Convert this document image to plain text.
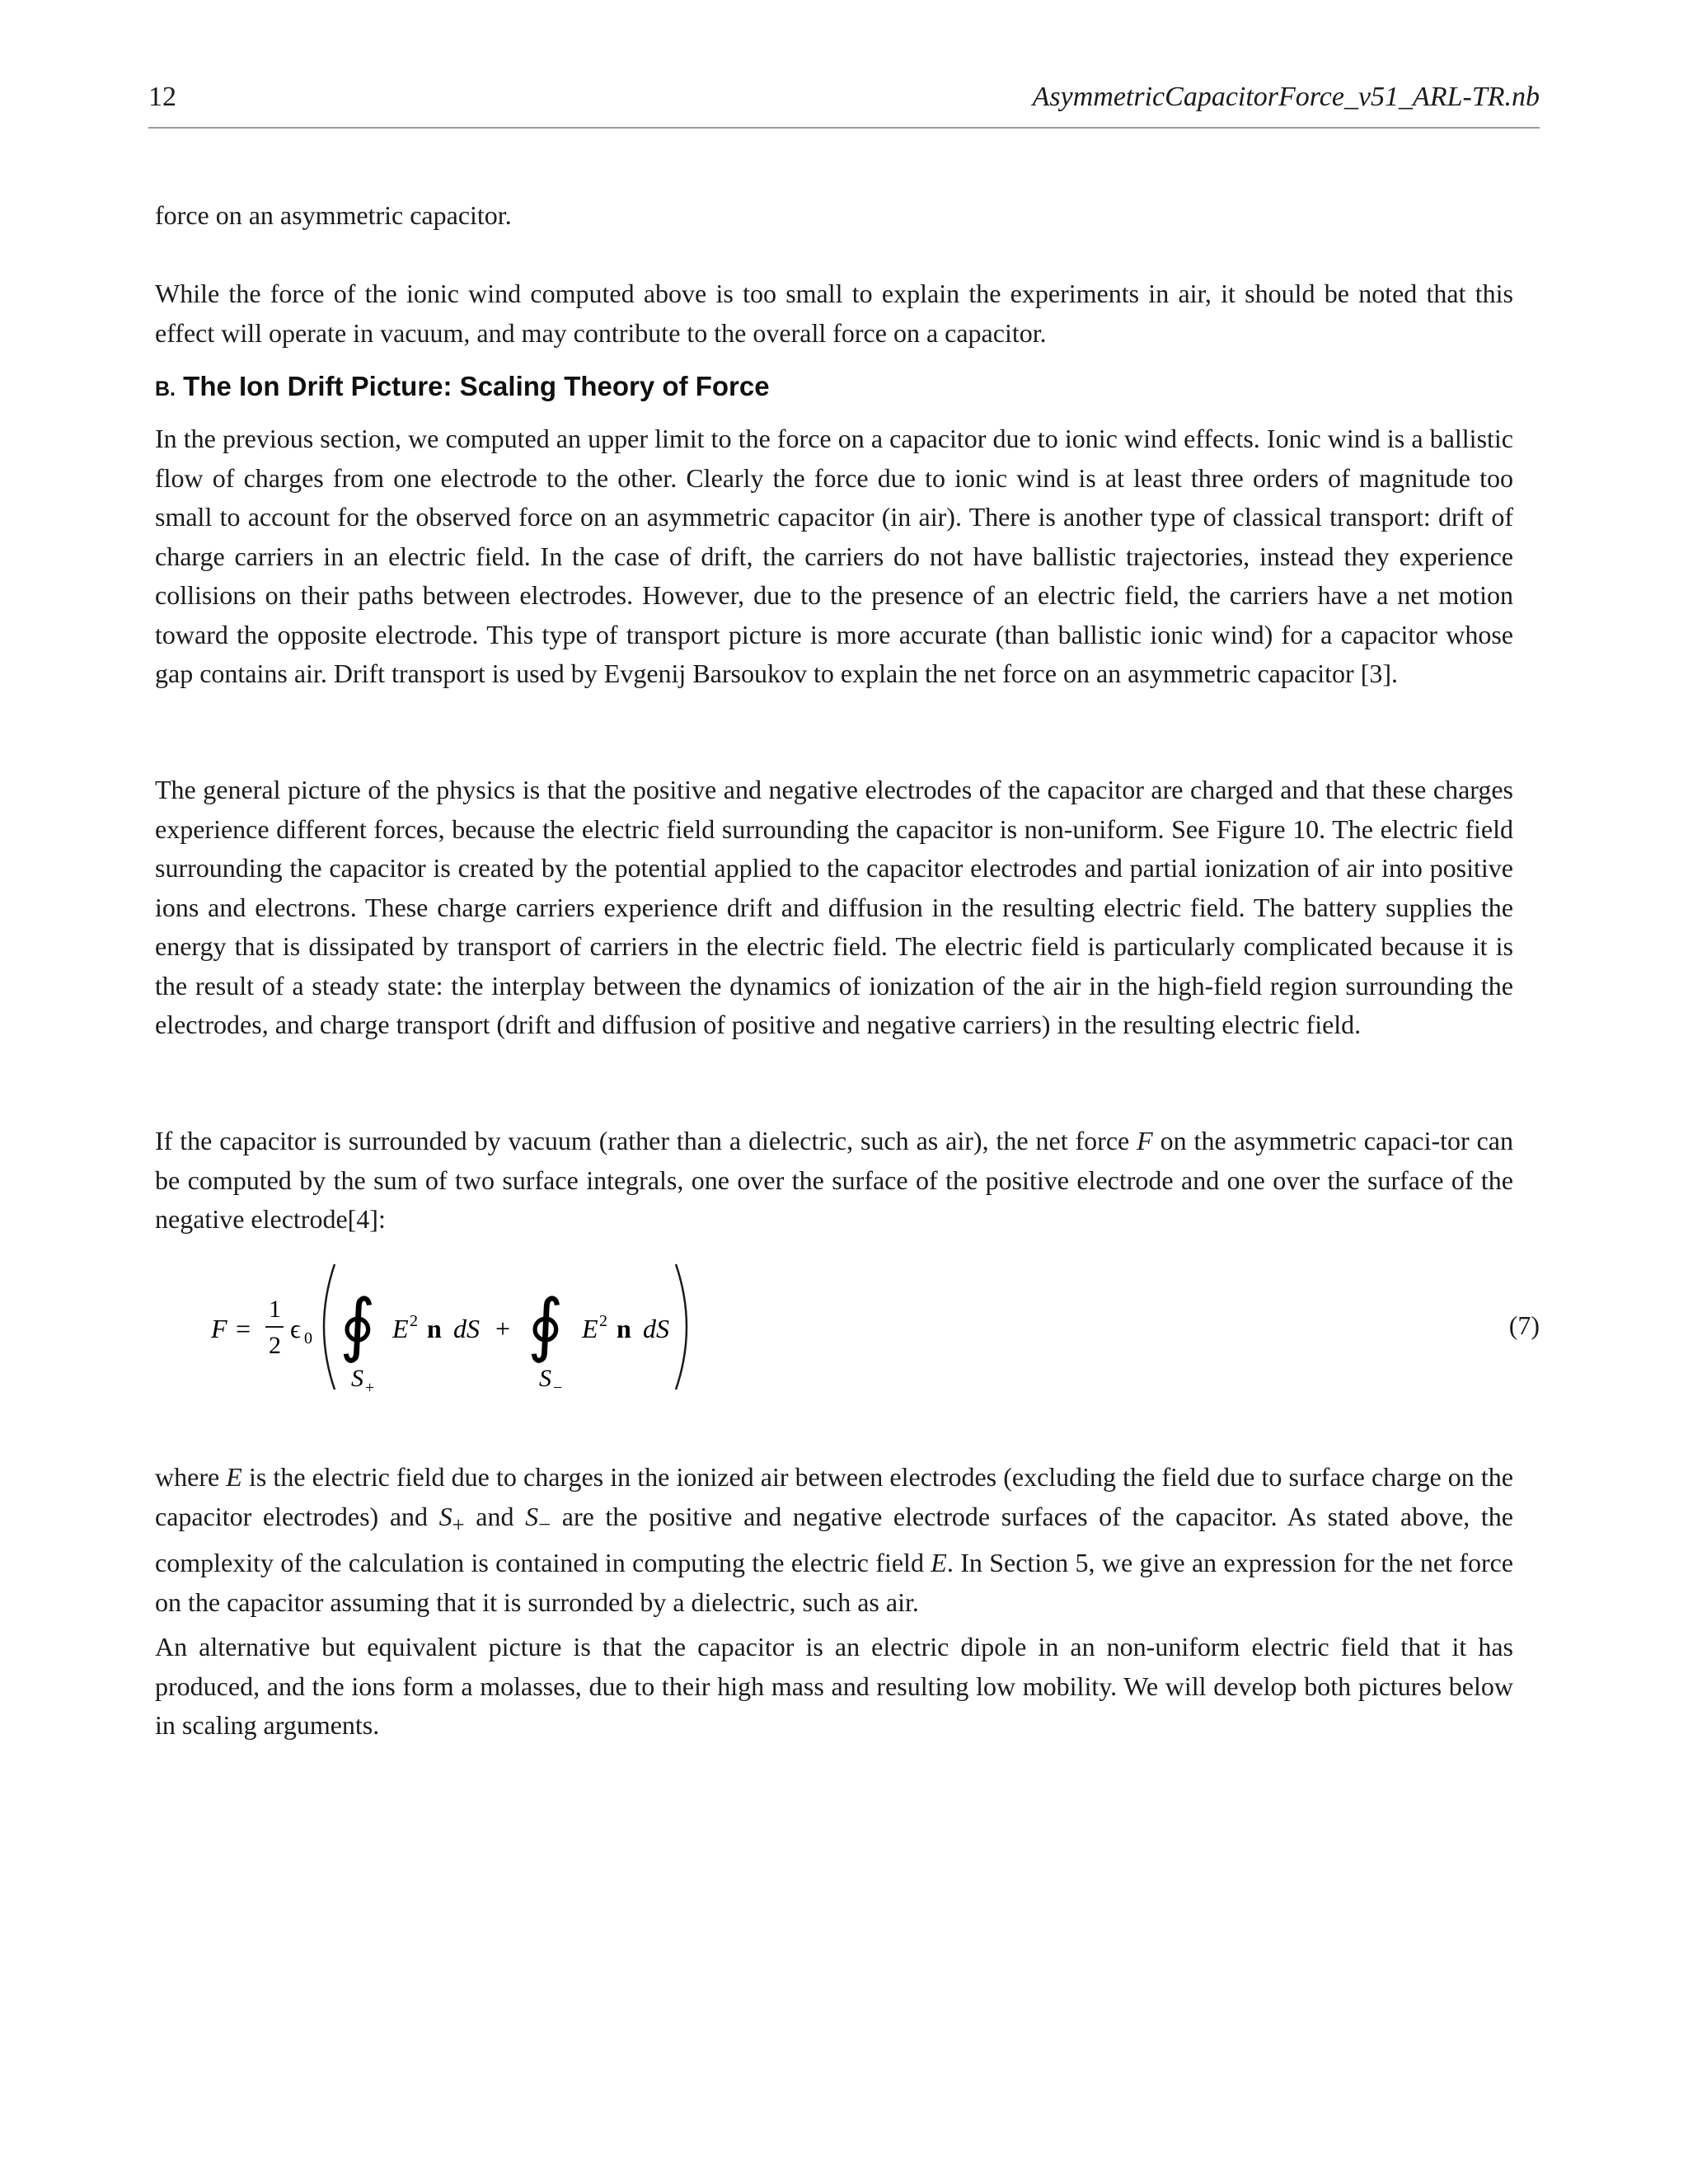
12	AsymmetricCapacitorForce_v51_ARL-TR.nb

force on an asymmetric capacitor.

While the force of the ionic wind computed above is too small to explain the experiments in air, it should be noted that this effect will operate in vacuum, and may contribute to the overall force on a capacitor.

B. The Ion Drift Picture: Scaling Theory of Force

In the previous section, we computed an upper limit to the force on a capacitor due to ionic wind effects. Ionic wind is a ballistic flow of charges from one electrode to the other. Clearly the force due to ionic wind is at least three orders of magnitude too small to account for the observed force on an asymmetric capacitor (in air). There is another type of classical transport: drift of charge carriers in an electric field. In the case of drift, the carriers do not have ballistic trajectories, instead they experience collisions on their paths between electrodes. However, due to the presence of an electric field, the carriers have a net motion toward the opposite electrode. This type of transport picture is more accurate (than ballistic ionic wind) for a capacitor whose gap contains air. Drift transport is used by Evgenij Barsoukov to explain the net force on an asymmetric capacitor [3].

The general picture of the physics is that the positive and negative electrodes of the capacitor are charged and that these charges experience different forces, because the electric field surrounding the capacitor is non-uniform. See Figure 10. The electric field surrounding the capacitor is created by the potential applied to the capacitor electrodes and partial ionization of air into positive ions and electrons. These charge carriers experience drift and diffusion in the resulting electric field. The battery supplies the energy that is dissipated by transport of carriers in the electric field. The electric field is particularly complicated because it is the result of a steady state: the interplay between the dynamics of ionization of the air in the high-field region surrounding the electrodes, and charge transport (drift and diffusion of positive and negative carriers) in the resulting electric field.

If the capacitor is surrounded by vacuum (rather than a dielectric, such as air), the net force F on the asymmetric capaci-tor can be computed by the sum of two surface integrals, one over the surface of the positive electrode and one over the surface of the negative electrode[4]:

F =
1
2
ϵ 0 ∮ E 2 n dS
S +
+ ∮ E 2 n dS
S −
(7)

where E is the electric field due to charges in the ionized air between electrodes (excluding the field due to surface charge on the capacitor electrodes) and $S_+$ and $S_-$ are the positive and negative electrode surfaces of the capacitor. As stated above, the complexity of the calculation is contained in computing the electric field E. In Section 5, we give an expression for the net force on the capacitor assuming that it is surronded by a dielectric, such as air.

An alternative but equivalent picture is that the capacitor is an electric dipole in an non-uniform electric field that it has produced, and the ions form a molasses, due to their high mass and resulting low mobility. We will develop both pictures below in scaling arguments.
